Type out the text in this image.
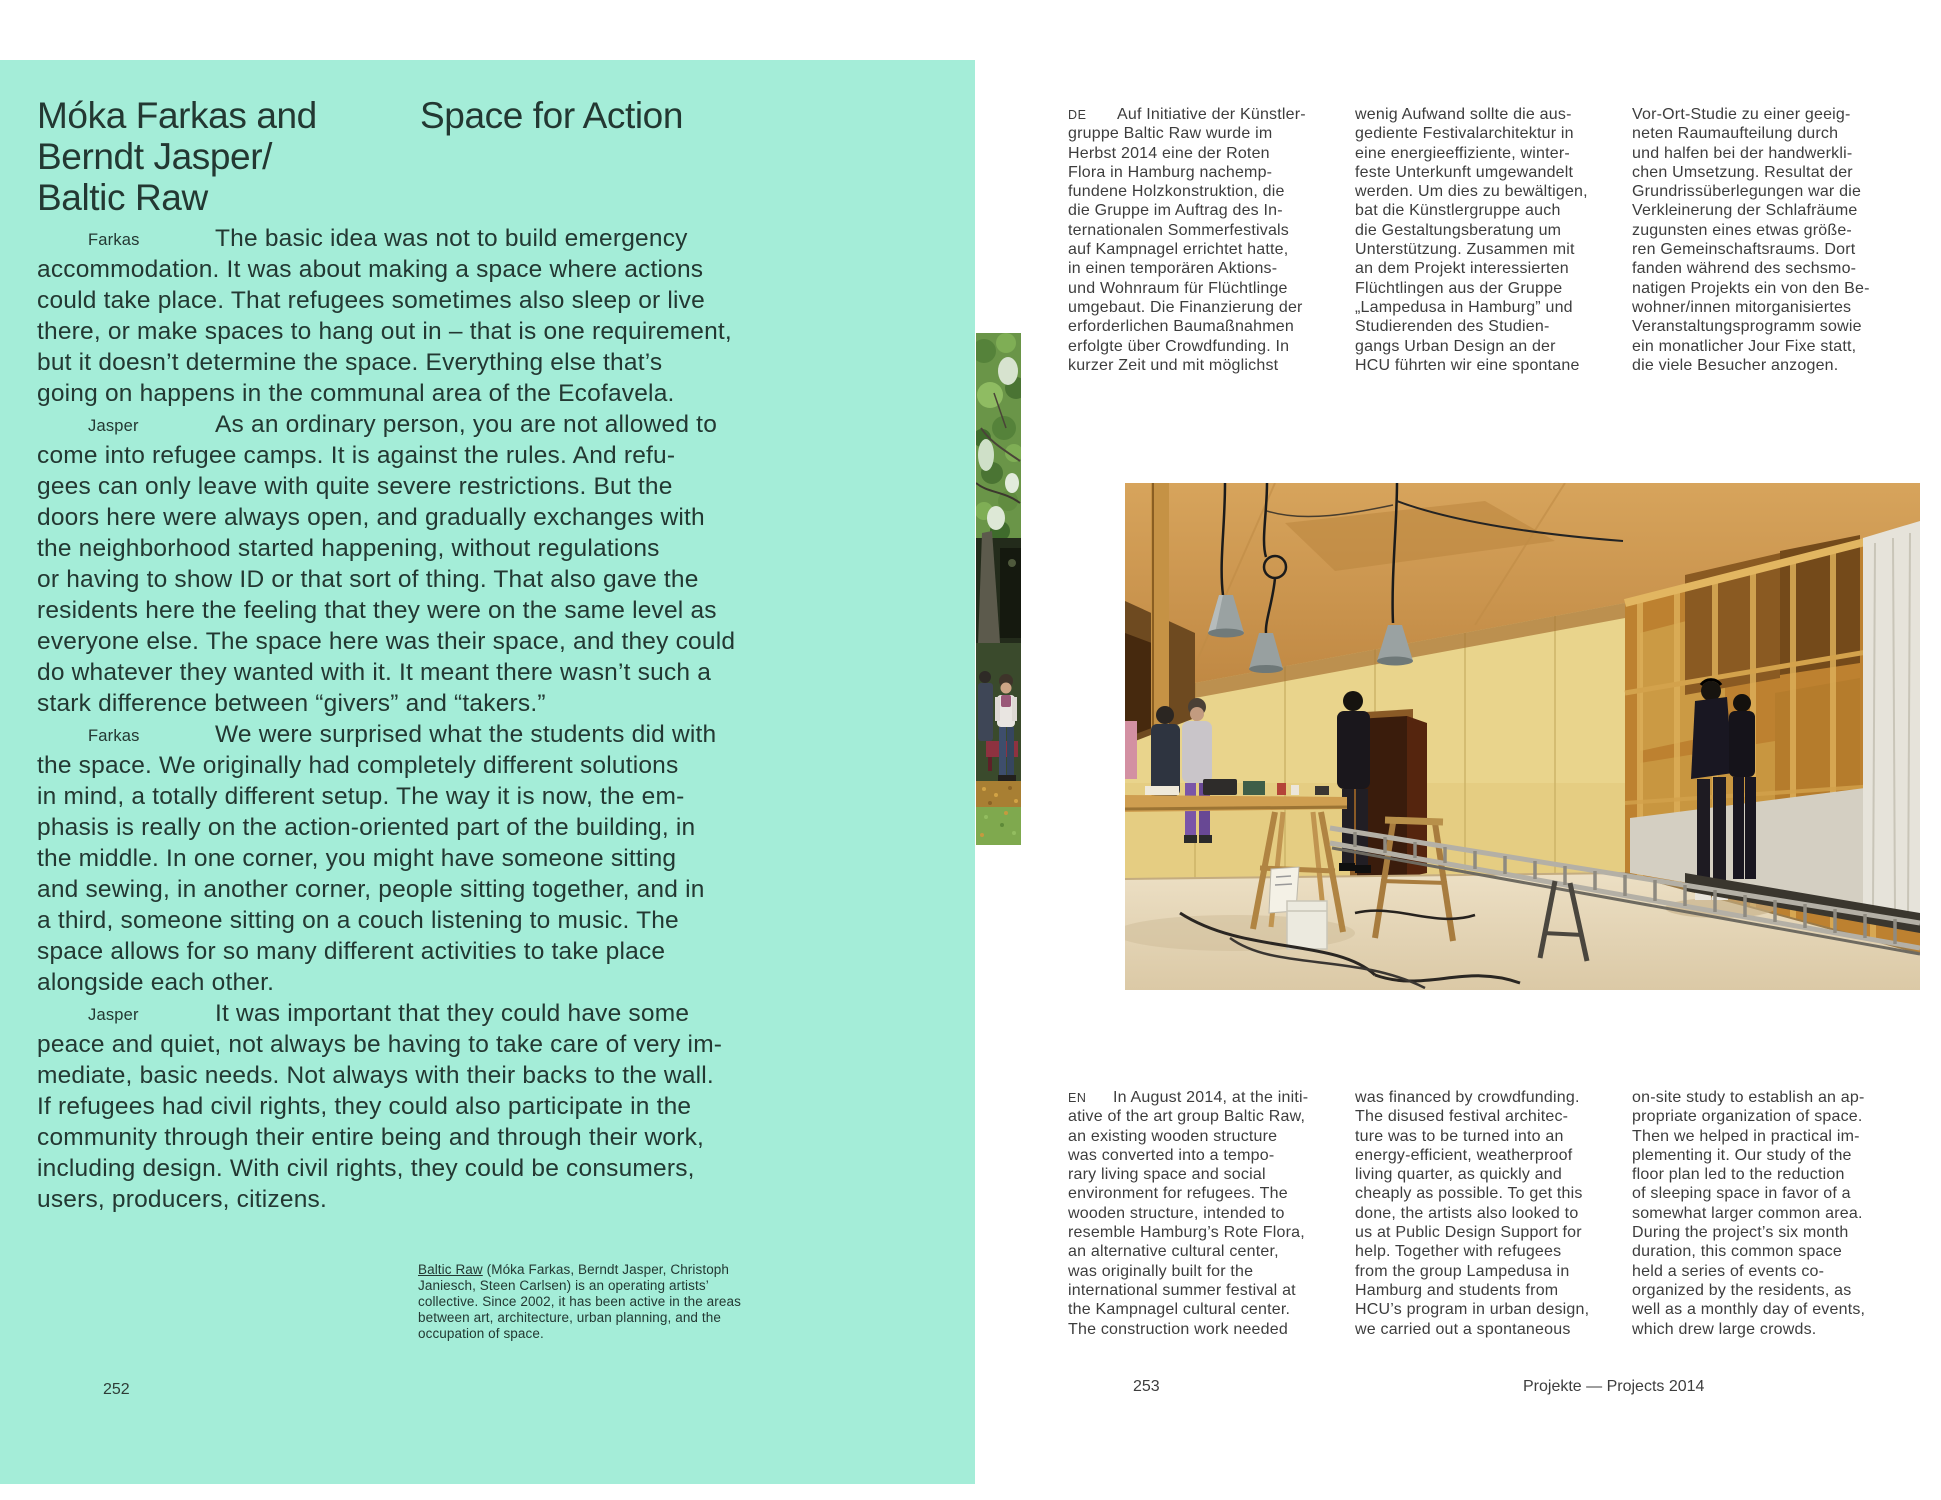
Móka Farkas and
Berndt Jasper/
Baltic Raw
Space for Action
Farkas	The basic idea was not to build emergency
accommodation. It was about making a space where actions
could take place. That refugees sometimes also sleep or live
there, or make spaces to hang out in – that is one requirement,
but it doesn’t determine the space. Everything else that’s
going on happens in the communal area of the Ecofavela.
Jasper	As an ordinary person, you are not allowed to
come into refugee camps. It is against the rules. And refu-
gees can only leave with quite severe restrictions. But the
doors here were always open, and gradually exchanges with
the neighborhood started happening, without regulations
or having to show ID or that sort of thing. That also gave the
residents here the feeling that they were on the same level as
everyone else. The space here was their space, and they could
do whatever they wanted with it. It meant there wasn’t such a
stark difference between “givers” and “takers.”
Farkas	We were surprised what the students did with
the space. We originally had completely different solutions
in mind, a totally different setup. The way it is now, the em-
phasis is really on the action-oriented part of the building, in
the middle. In one corner, you might have someone sitting
and sewing, in another corner, people sitting together, and in
a third, someone sitting on a couch listening to music. The
space allows for so many different activities to take place
alongside each other.
Jasper	It was important that they could have some
peace and quiet, not always be having to take care of very im-
mediate, basic needs. Not always with their backs to the wall.
If refugees had civil rights, they could also participate in the
community through their entire being and through their work,
including design. With civil rights, they could be consumers,
users, producers, citizens.
Baltic Raw (Móka Farkas, Berndt Jasper, Christoph
Janiesch, Steen Carlsen) is an operating artists’
collective. Since 2002, it has been active in the areas
between art, architecture, urban planning, and the
occupation of space.
252
DE Auf Initiative der Künstler-
gruppe Baltic Raw wurde im
Herbst 2014 eine der Roten
Flora in Hamburg nachemp-
fundene Holzkonstruktion, die
die Gruppe im Auftrag des In-
ternationalen Sommerfestivals
auf Kampnagel errichtet hatte,
in einen temporären Aktions-
und Wohnraum für Flüchtlinge
umgebaut. Die Finanzierung der
erforderlichen Baumaßnahmen
erfolgte über Crowdfunding. In
kurzer Zeit und mit möglichst
wenig Aufwand sollte die aus-
gediente Festivalarchitektur in
eine energieeffiziente, winter-
feste Unterkunft umgewandelt
werden. Um dies zu bewältigen,
bat die Künstlergruppe auch
die Gestaltungsberatung um
Unterstützung. Zusammen mit
an dem Projekt interessierten
Flüchtlingen aus der Gruppe
„Lampedusa in Hamburg” und
Studierenden des Studien-
gangs Urban Design an der
HCU führten wir eine spontane
Vor-Ort-Studie zu einer geeig-
neten Raumaufteilung durch
und halfen bei der handwerkli-
chen Umsetzung. Resultat der
Grundrissüberlegungen war die
Verkleinerung der Schlafräume
zugunsten eines etwas größe-
ren Gemeinschaftsraums. Dort
fanden während des sechsmo-
natigen Projekts ein von den Be-
wohner/innen mitorganisiertes
Veranstaltungsprogramm sowie
ein monatlicher Jour Fixe statt,
die viele Besucher anzogen.
EN In August 2014, at the initi-
ative of the art group Baltic Raw,
an existing wooden structure
was converted into a tempo-
rary living space and social
environment for refugees. The
wooden structure, intended to
resemble Hamburg’s Rote Flora,
an alternative cultural center,
was originally built for the
international summer festival at
the Kampnagel cultural center.
The construction work needed
was financed by crowdfunding.
The disused festival architec-
ture was to be turned into an
energy-efficient, weatherproof
living quarter, as quickly and
cheaply as possible. To get this
done, the artists also looked to
us at Public Design Support for
help. Together with refugees
from the group Lampedusa in
Hamburg and students from
HCU’s program in urban design,
we carried out a spontaneous
on-site study to establish an ap-
propriate organization of space.
Then we helped in practical im-
plementing it. Our study of the
floor plan led to the reduction
of sleeping space in favor of a
somewhat larger common area.
During the project’s six month
duration, this common space
held a series of events co-
organized by the residents, as
well as a monthly day of events,
which drew large crowds.
253	Projekte — Projects 2014
